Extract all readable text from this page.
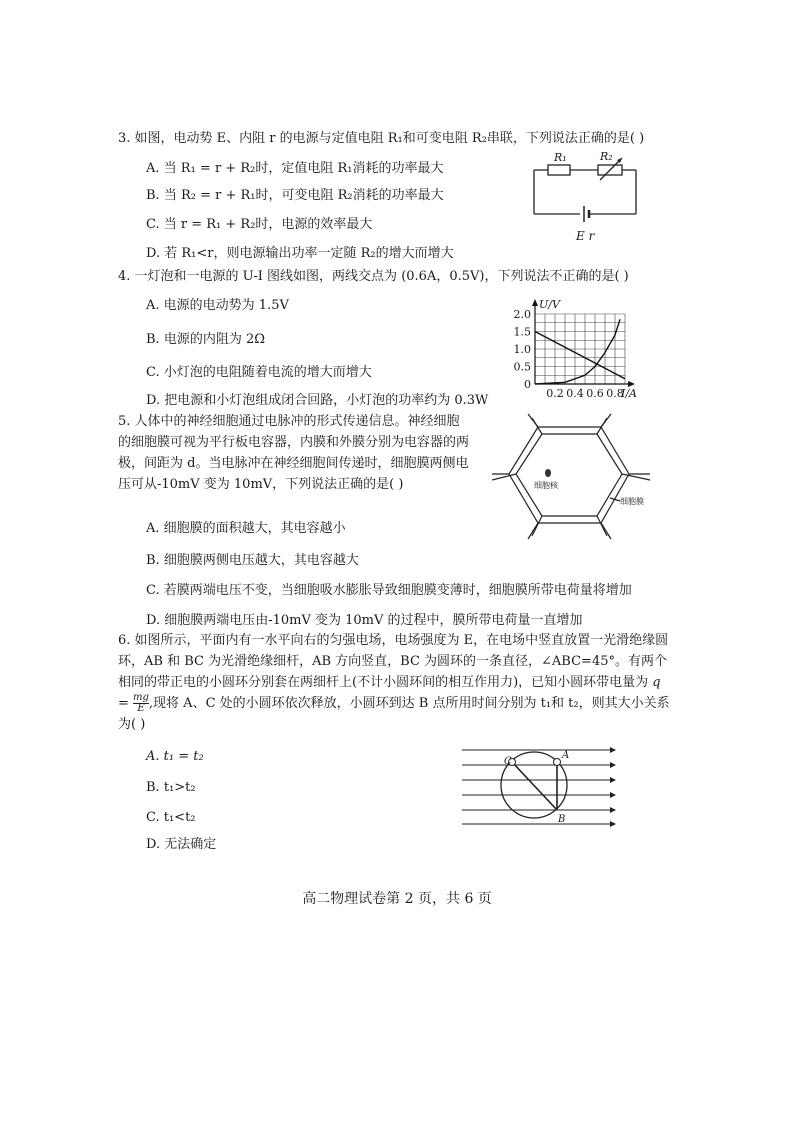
3. 如图，电动势 E、内阻 r 的电源与定值电阻 R₁和可变电阻 R₂串联，下列说法正确的是( )
A. 当 R₁ = r + R₂时，定值电阻 R₁消耗的功率最大
B. 当 R₂ = r + R₁时，可变电阻 R₂消耗的功率最大
C. 当 r = R₁ + R₂时，电源的效率最大
D. 若 R₁<r，则电源输出功率一定随 R₂的增大而增大
R₁	R₂
E r
4. 一灯泡和一电源的 U-I 图线如图，两线交点为 (0.6A，0.5V)，下列说法不正确的是( )
A. 电源的电动势为 1.5V
B. 电源的内阻为 2Ω
C. 小灯泡的电阻随着电流的增大而增大
D. 把电源和小灯泡组成闭合回路，小灯泡的功率约为 0.3W
2.0
1.5
1.0
0.5
0
0.2 0.4 0.6 0.8
U/V
I/A
5. 人体中的神经细胞通过电脉冲的形式传递信息。神经细胞的细胞膜可视为平行板电容器，内膜和外膜分别为电容器的两极，间距为 d。当电脉冲在神经细胞间传递时，细胞膜两侧电压可从-10mV 变为 10mV，下列说法正确的是( )
A. 细胞膜的面积越大，其电容越小
B. 细胞膜两侧电压越大，其电容越大
C. 若膜两端电压不变，当细胞吸水膨胀导致细胞膜变薄时，细胞膜所带电荷量将增加
D. 细胞膜两端电压由-10mV 变为 10mV 的过程中，膜所带电荷量一直增加
细胞核
细胞膜
6. 如图所示，平面内有一水平向右的匀强电场，电场强度为 E，在电场中竖直放置一光滑绝缘圆环，AB 和 BC 为光滑绝缘细杆，AB 方向竖直，BC 为圆环的一条直径，∠ABC=45°。有两个相同的带正电的小圆环分别套在两细杆上(不计小圆环间的相互作用力)，已知小圆环带电量为 $q = \frac{mg}{E}$ ,现将 A、C 处的小圆环依次释放，小圆环到达 B 点所用时间分别为 t₁和 t₂，则其大小关系为( )
A. t₁ = t₂
B. t₁>t₂
C. t₁<t₂
D. 无法确定
C
A
B
高二物理试卷第 2 页，共 6 页
